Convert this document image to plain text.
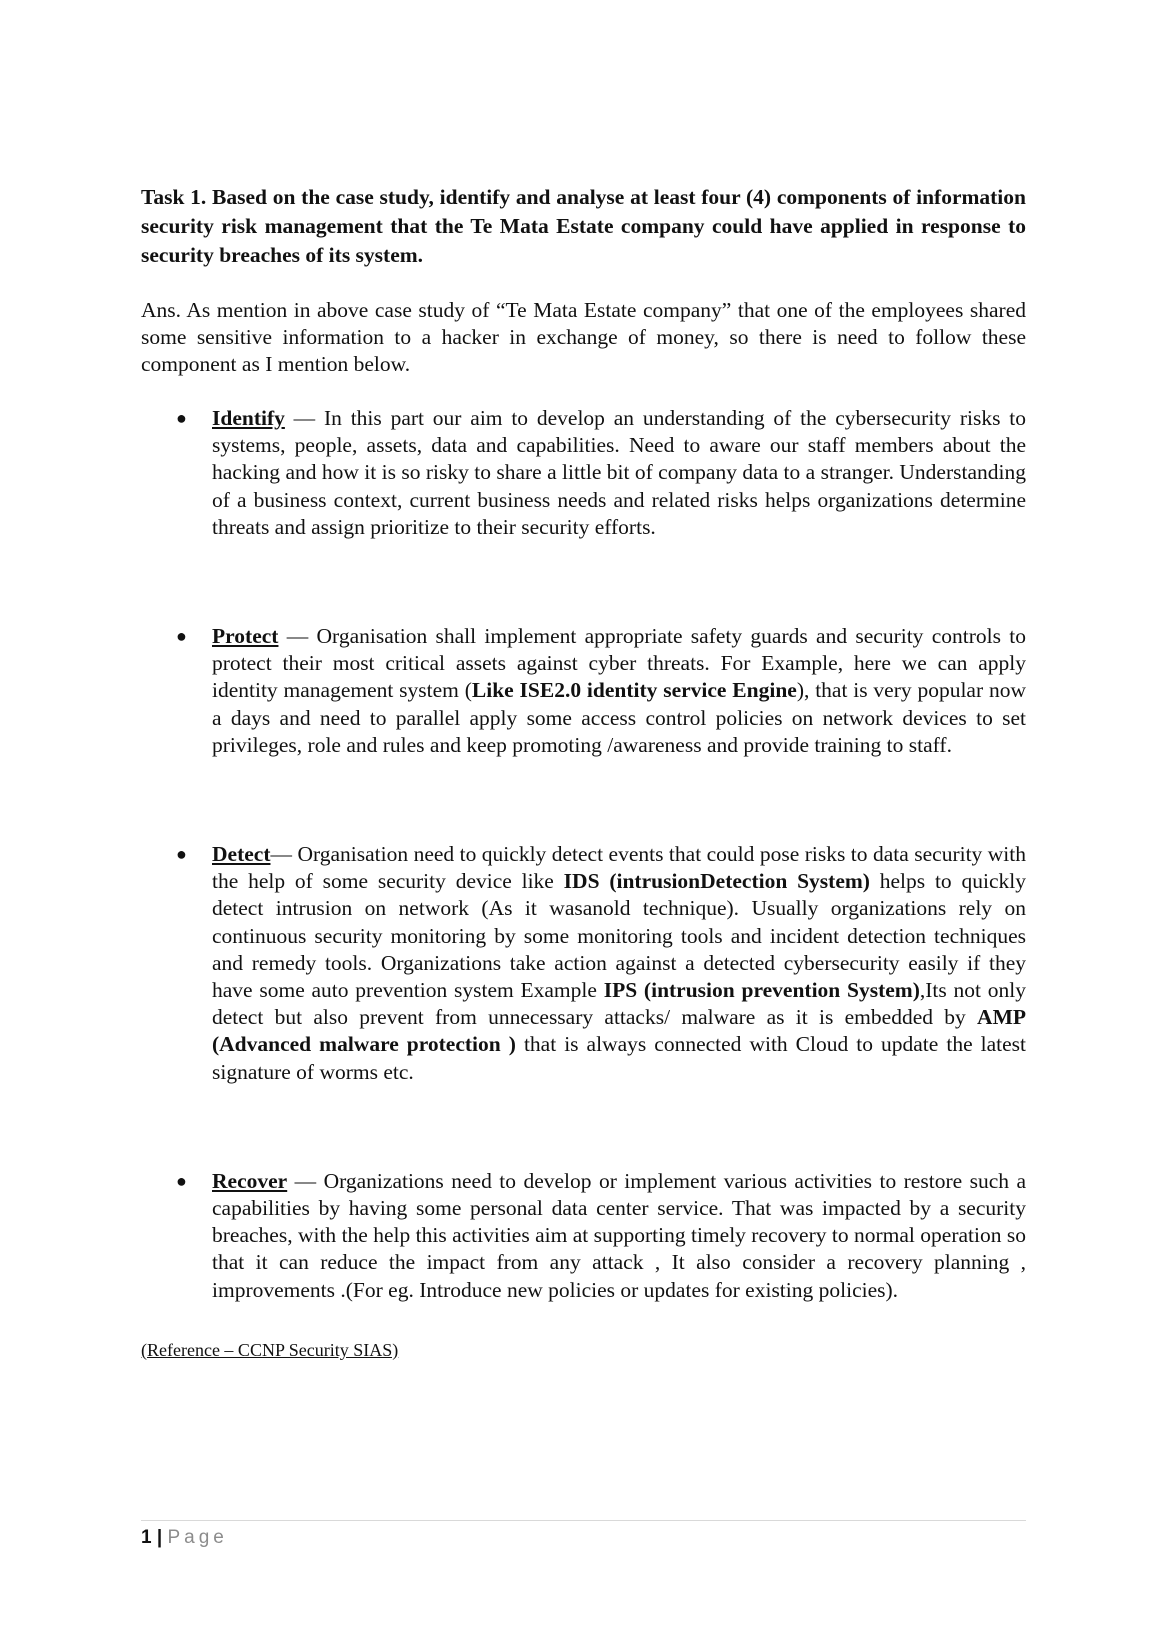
Task 1. Based on the case study, identify and analyse at least four (4) components of information security risk management that the Te Mata Estate company could have applied in response to security breaches of its system.

Ans. As mention in above case study of “Te Mata Estate company” that one of the employees shared some sensitive information to a hacker in exchange of money, so there is need to follow these component as I mention below.

● Identify — In this part our aim to develop an understanding of the cybersecurity risks to systems, people, assets, data and capabilities. Need to aware our staff members about the hacking and how it is so risky to share a little bit of company data to a stranger. Understanding of a business context, current business needs and related risks helps organizations determine threats and assign prioritize to their security efforts.
● Protect — Organisation shall implement appropriate safety guards and security controls to protect their most critical assets against cyber threats. For Example, here we can apply identity management system (Like ISE2.0 identity service Engine), that is very popular now a days and need to parallel apply some access control policies on network devices to set privileges, role and rules and keep promoting /awareness and provide training to staff.
● Detect— Organisation need to quickly detect events that could pose risks to data security with the help of some security device like IDS (intrusionDetection System) helps to quickly detect intrusion on network (As it wasanold technique). Usually organizations rely on continuous security monitoring by some monitoring tools and incident detection techniques and remedy tools. Organizations take action against a detected cybersecurity easily if they have some auto prevention system Example IPS (intrusion prevention System),Its not only detect but also prevent from unnecessary attacks/ malware as it is embedded by AMP (Advanced malware protection ) that is always connected with Cloud to update the latest signature of worms etc.
● Recover — Organizations need to develop or implement various activities to restore such a capabilities by having some personal data center service. That was impacted by a security breaches, with the help this activities aim at supporting timely recovery to normal operation so that it can reduce the impact from any attack , It also consider a recovery planning , improvements .(For eg. Introduce new policies or updates for existing policies).

(Reference – CCNP Security SIAS)

1 | Page
